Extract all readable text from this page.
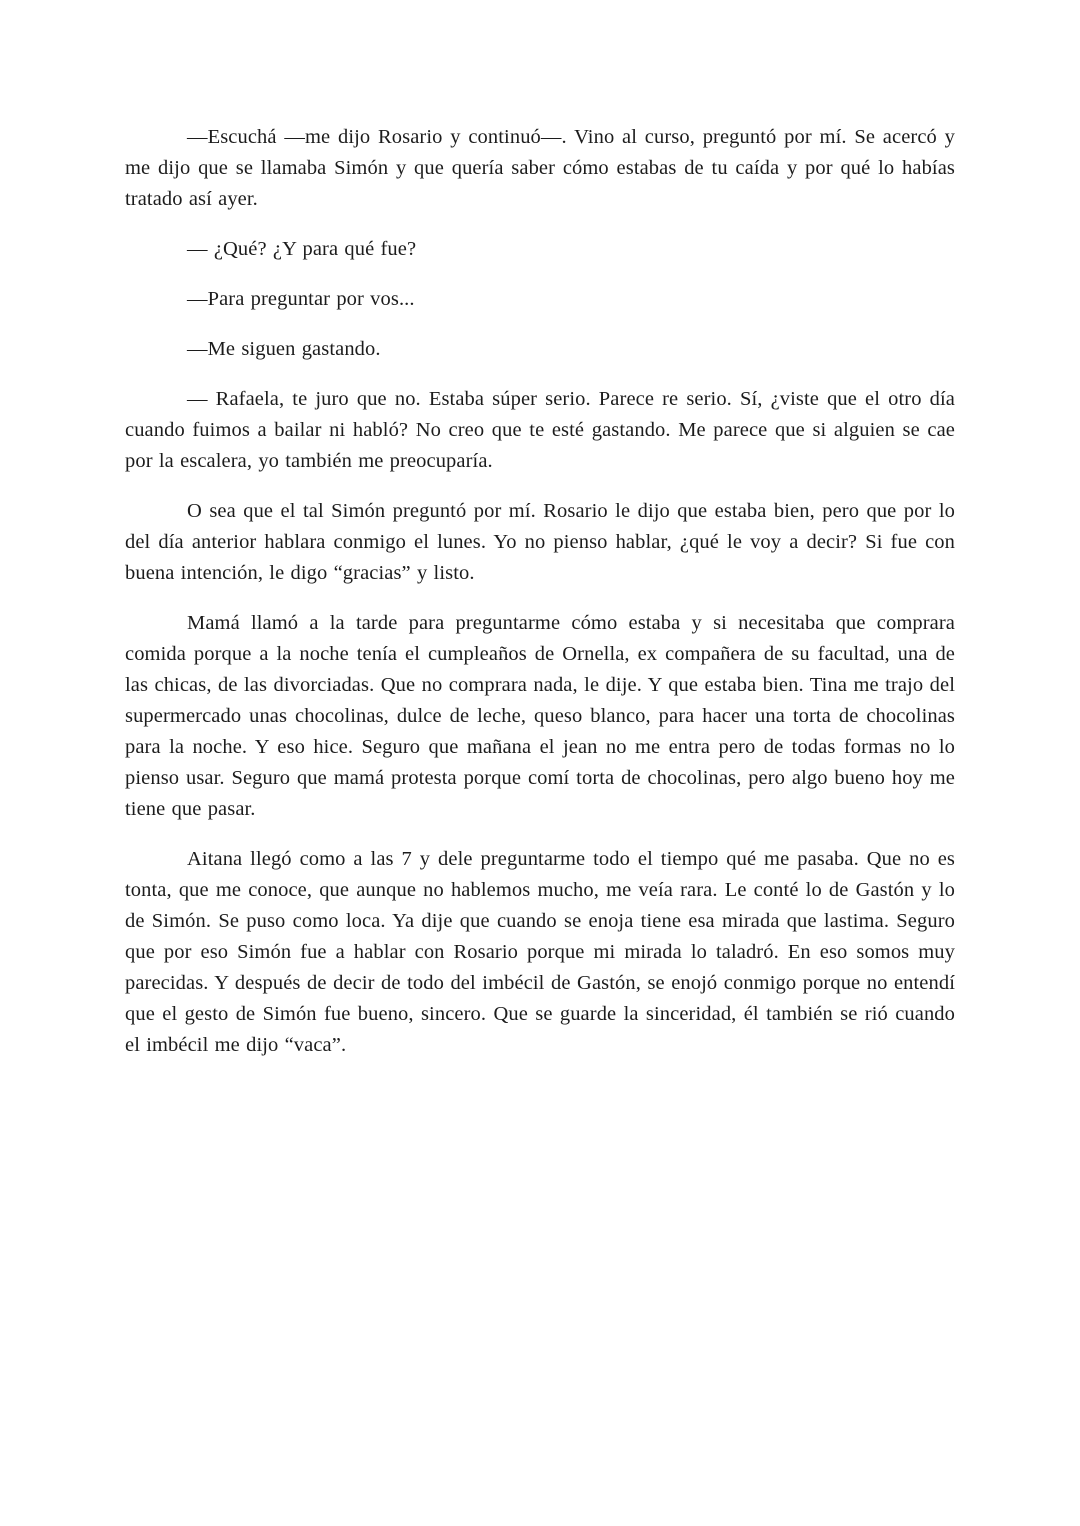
—Escuchá —me dijo Rosario y continuó—. Vino al curso, preguntó por mí. Se acercó y me dijo que se llamaba Simón y que quería saber cómo estabas de tu caída y por qué lo habías tratado así ayer.

— ¿Qué? ¿Y para qué fue?

—Para preguntar por vos...

—Me siguen gastando.

— Rafaela, te juro que no. Estaba súper serio. Parece re serio. Sí, ¿viste que el otro día cuando fuimos a bailar ni habló? No creo que te esté gastando. Me parece que si alguien se cae por la escalera, yo también me preocuparía.

O sea que el tal Simón preguntó por mí. Rosario le dijo que estaba bien, pero que por lo del día anterior hablara conmigo el lunes. Yo no pienso hablar, ¿qué le voy a decir? Si fue con buena intención, le digo “gracias” y listo.

Mamá llamó a la tarde para preguntarme cómo estaba y si necesitaba que comprara comida porque a la noche tenía el cumpleaños de Ornella, ex compañera de su facultad, una de las chicas, de las divorciadas. Que no comprara nada, le dije. Y que estaba bien. Tina me trajo del supermercado unas chocolinas, dulce de leche, queso blanco, para hacer una torta de chocolinas para la noche. Y eso hice. Seguro que mañana el jean no me entra pero de todas formas no lo pienso usar. Seguro que mamá protesta porque comí torta de chocolinas, pero algo bueno hoy me tiene que pasar.

Aitana llegó como a las 7 y dele preguntarme todo el tiempo qué me pasaba. Que no es tonta, que me conoce, que aunque no hablemos mucho, me veía rara. Le conté lo de Gastón y lo de Simón. Se puso como loca. Ya dije que cuando se enoja tiene esa mirada que lastima. Seguro que por eso Simón fue a hablar con Rosario porque mi mirada lo taladró. En eso somos muy parecidas. Y después de decir de todo del imbécil de Gastón, se enojó conmigo porque no entendí que el gesto de Simón fue bueno, sincero. Que se guarde la sinceridad, él también se rió cuando el imbécil me dijo “vaca”.
